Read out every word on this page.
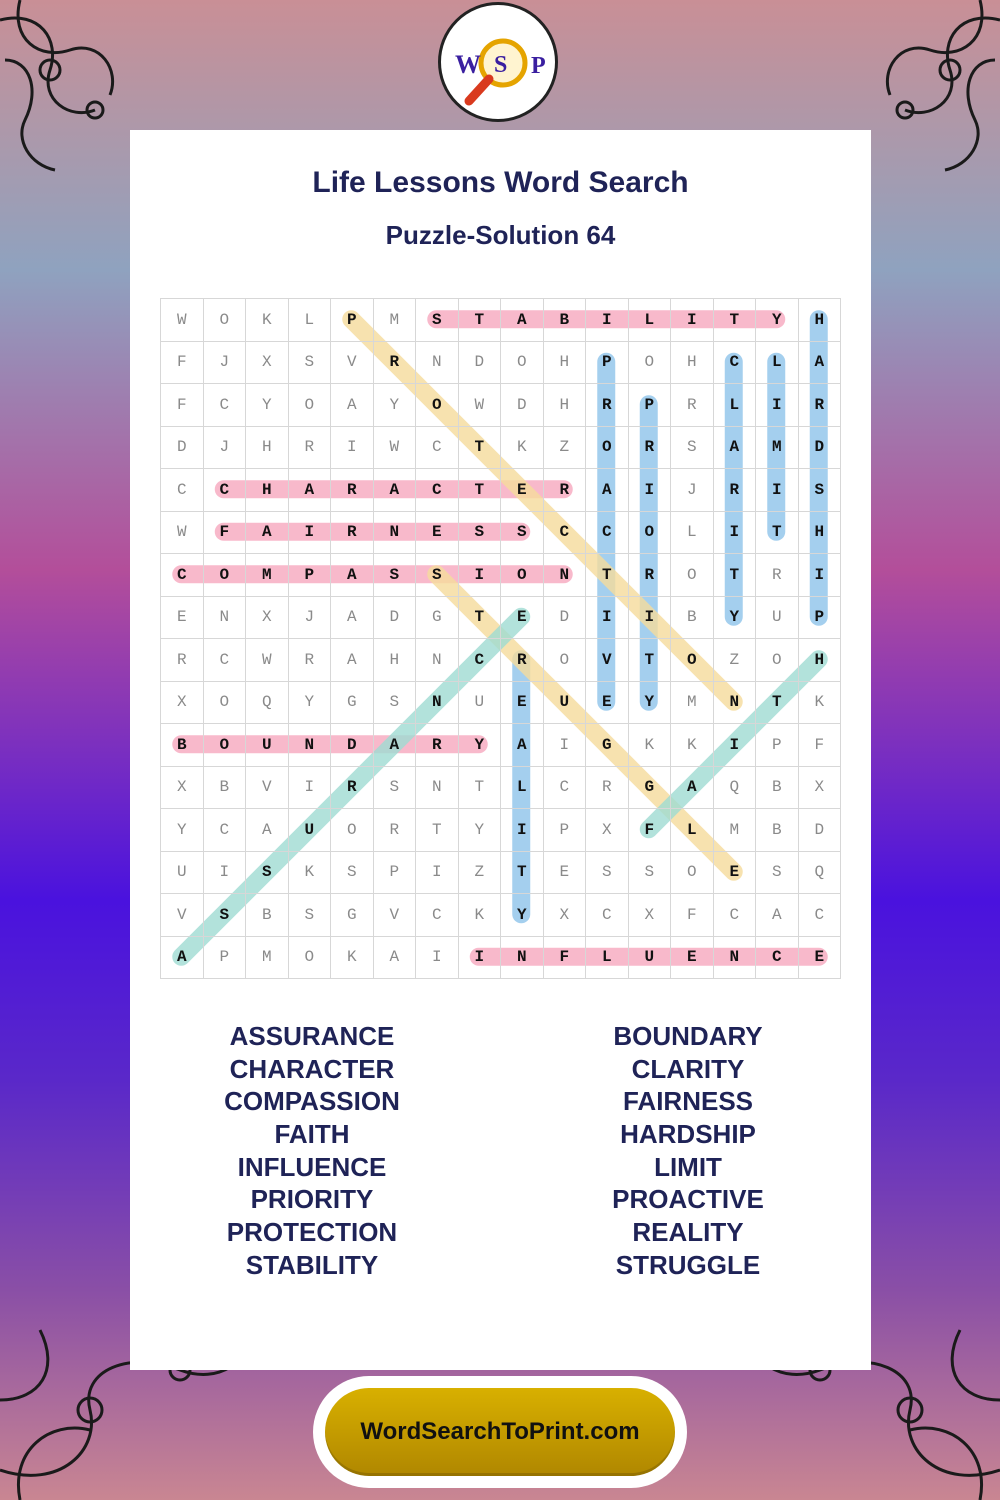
W S P
Life Lessons Word Search
Puzzle-Solution 64
W	O	K	L	P	M	S	T	A	B	I	L	I	T	Y	H
F	J	X	S	V	R	N	D	O	H	P	O	H	C	L	A
F	C	Y	O	A	Y	O	W	D	H	R	P	R	L	I	R
D	J	H	R	I	W	C	T	K	Z	O	R	S	A	M	D
C	C	H	A	R	A	C	T	E	R	A	I	J	R	I	S
W	F	A	I	R	N	E	S	S	C	C	O	L	I	T	H
C	O	M	P	A	S	S	I	O	N	T	R	O	T	R	I
E	N	X	J	A	D	G	T	E	D	I	I	B	Y	U	P
R	C	W	R	A	H	N	C	R	O	V	T	O	Z	O	H
X	O	Q	Y	G	S	N	U	E	U	E	Y	M	N	T	K
B	O	U	N	D	A	R	Y	A	I	G	K	K	I	P	F
X	B	V	I	R	S	N	T	L	C	R	G	A	Q	B	X
Y	C	A	U	O	R	T	Y	I	P	X	F	L	M	B	D
U	I	S	K	S	P	I	Z	T	E	S	S	O	E	S	Q
V	S	B	S	G	V	C	K	Y	X	C	X	F	C	A	C
A	P	M	O	K	A	I	I	N	F	L	U	E	N	C	E
ASSURANCE
CHARACTER
COMPASSION
FAITH
INFLUENCE
PRIORITY
PROTECTION
STABILITY
BOUNDARY
CLARITY
FAIRNESS
HARDSHIP
LIMIT
PROACTIVE
REALITY
STRUGGLE
WordSearchToPrint.com
